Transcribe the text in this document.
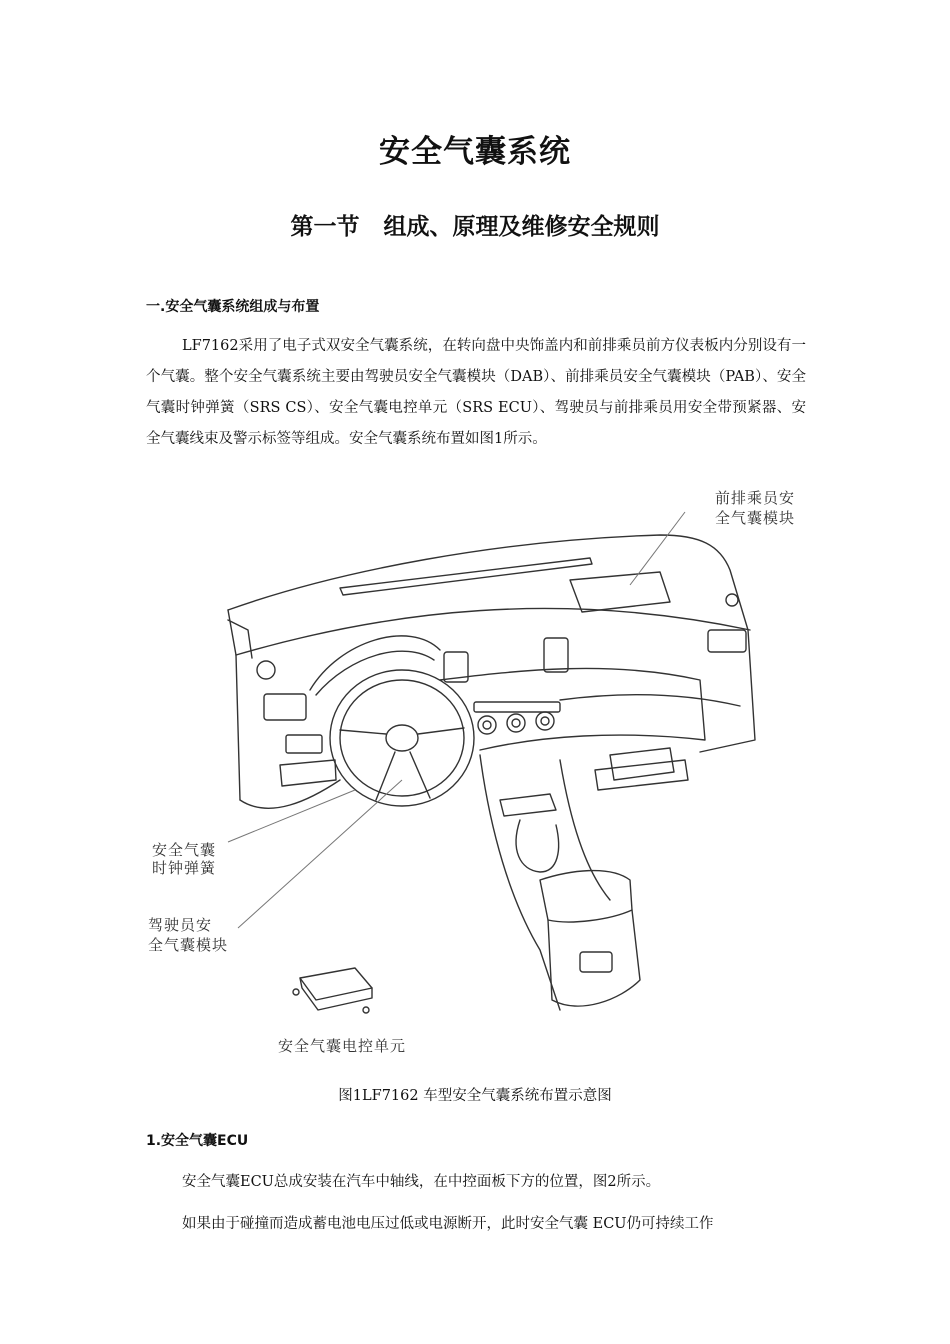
安全气囊系统
第一节   组成、原理及维修安全规则
一.安全气囊系统组成与布置

LF7162采用了电子式双安全气囊系统，在转向盘中央饰盖内和前排乘员前方仪表板内分别设有一个气囊。整个安全气囊系统主要由驾驶员安全气囊模块（DAB）、前排乘员安全气囊模块（PAB）、安全气囊时钟弹簧（SRS CS）、安全气囊电控单元（SRS ECU）、驾驶员与前排乘员用安全带预紧器、安全气囊线束及警示标签等组成。安全气囊系统布置如图1所示。

前排乘员安
全气囊模块
安全气囊
时钟弹簧
驾驶员安
全气囊模块
安全气囊电控单元

图1LF7162 车型安全气囊系统布置示意图

1.安全气囊ECU

安全气囊ECU总成安装在汽车中轴线，在中控面板下方的位置，图2所示。

如果由于碰撞而造成蓄电池电压过低或电源断开，此时安全气囊 ECU仍可持续工作
